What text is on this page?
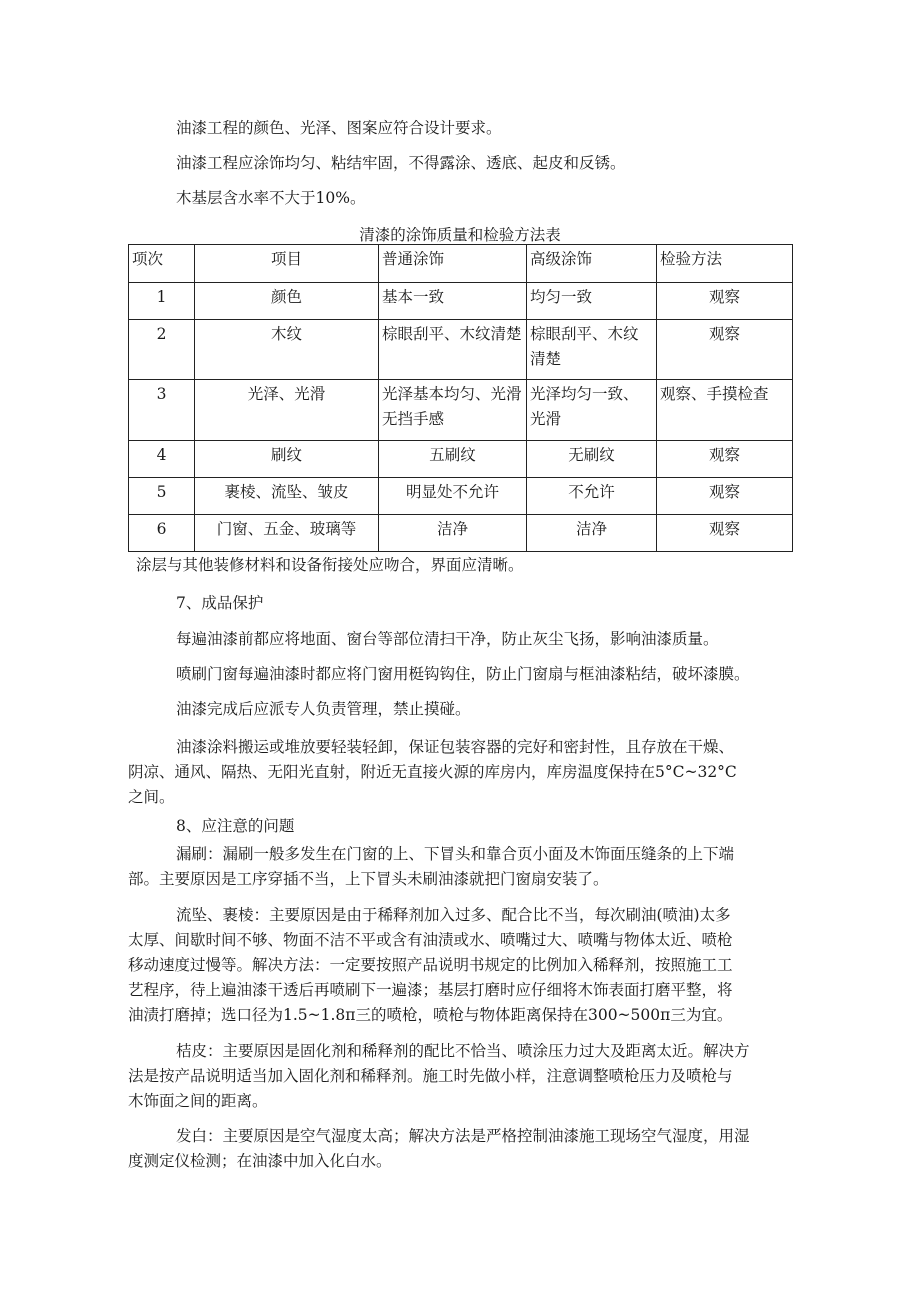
油漆工程的颜色、光泽、图案应符合设计要求。
油漆工程应涂饰均匀、粘结牢固，不得露涂、透底、起皮和反锈。
木基层含水率不大于10%。
清漆的涂饰质量和检验方法表
项次	项目	普通涂饰	高级涂饰	检验方法
1	颜色	基本一致	均匀一致	观察
2	木纹	棕眼刮平、木纹清楚	棕眼刮平、木纹清楚	观察
3	光泽、光滑	光泽基本均匀、光滑无挡手感	光泽均匀一致、光滑	观察、手摸检查
4	刷纹	五刷纹	无刷纹	观察
5	裹棱、流坠、皱皮	明显处不允许	不允许	观察
6	门窗、五金、玻璃等	洁净	洁净	观察
涂层与其他装修材料和设备衔接处应吻合，界面应清晰。
7、成品保护
每遍油漆前都应将地面、窗台等部位清扫干净，防止灰尘飞扬，影响油漆质量。
喷刷门窗每遍油漆时都应将门窗用梃钩钩住，防止门窗扇与框油漆粘结，破坏漆膜。
油漆完成后应派专人负责管理，禁止摸碰。
油漆涂料搬运或堆放要轻装轻卸，保证包装容器的完好和密封性，且存放在干燥、
阴凉、通风、隔热、无阳光直射，附近无直接火源的库房内，库房温度保持在5°C~32°C
之间。
8、应注意的问题
漏刷：漏刷一般多发生在门窗的上、下冒头和靠合页小面及木饰面压缝条的上下端
部。主要原因是工序穿插不当，上下冒头未刷油漆就把门窗扇安装了。
流坠、裹棱：主要原因是由于稀释剂加入过多、配合比不当，每次刷油(喷油)太多
太厚、间歇时间不够、物面不洁不平或含有油渍或水、喷嘴过大、喷嘴与物体太近、喷枪
移动速度过慢等。解决方法：一定要按照产品说明书规定的比例加入稀释剂，按照施工工
艺程序，待上遍油漆干透后再喷刷下一遍漆；基层打磨时应仔细将木饰表面打磨平整，将
油渍打磨掉；选口径为1.5~1.8π三的喷枪，喷枪与物体距离保持在300~500π三为宜。
桔皮：主要原因是固化剂和稀释剂的配比不恰当、喷涂压力过大及距离太近。解决方
法是按产品说明适当加入固化剂和稀释剂。施工时先做小样，注意调整喷枪压力及喷枪与
木饰面之间的距离。
发白：主要原因是空气湿度太高；解决方法是严格控制油漆施工现场空气湿度，用湿
度测定仪检测；在油漆中加入化白水。
